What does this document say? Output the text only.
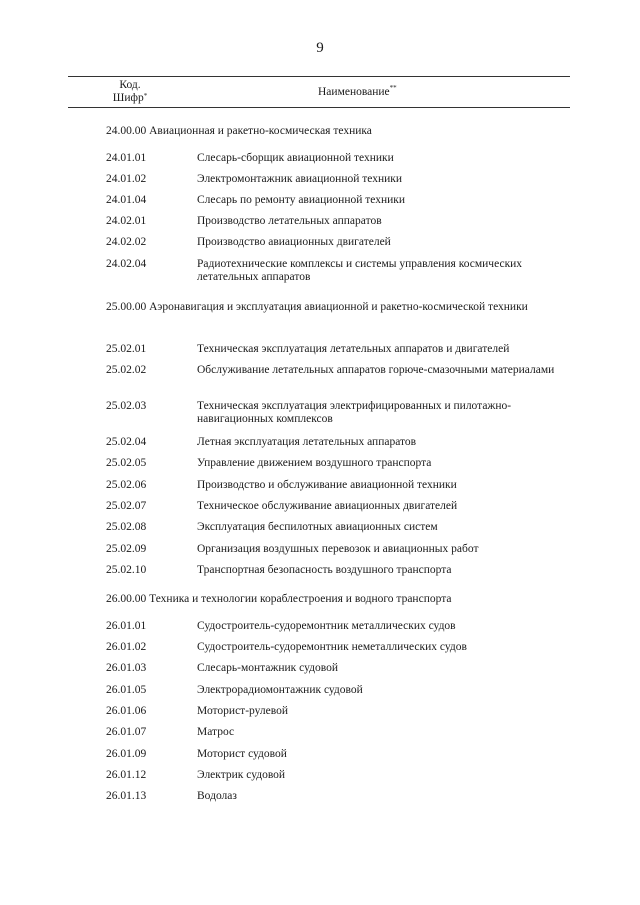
9
Код.
Шифр*	Наименование**
24.00.00 Авиационная и ракетно-космическая техника
24.01.01	Слесарь-сборщик авиационной техники
24.01.02	Электромонтажник авиационной техники
24.01.04	Слесарь по ремонту авиационной техники
24.02.01	Производство летательных аппаратов
24.02.02	Производство авиационных двигателей
24.02.04	Радиотехнические комплексы и системы управления космических летательных аппаратов
25.00.00 Аэронавигация и эксплуатация авиационной и ракетно-космической техники
25.02.01	Техническая эксплуатация летательных аппаратов и двигателей
25.02.02	Обслуживание летательных аппаратов горюче-смазочными материалами
25.02.03	Техническая эксплуатация электрифицированных и пилотажно-навигационных комплексов
25.02.04	Летная эксплуатация летательных аппаратов
25.02.05	Управление движением воздушного транспорта
25.02.06	Производство и обслуживание авиационной техники
25.02.07	Техническое обслуживание авиационных двигателей
25.02.08	Эксплуатация беспилотных авиационных систем
25.02.09	Организация воздушных перевозок и авиационных работ
25.02.10	Транспортная безопасность воздушного транспорта
26.00.00 Техника и технологии кораблестроения и водного транспорта
26.01.01	Судостроитель-судоремонтник металлических судов
26.01.02	Судостроитель-судоремонтник неметаллических судов
26.01.03	Слесарь-монтажник судовой
26.01.05	Электрорадиомонтажник судовой
26.01.06	Моторист-рулевой
26.01.07	Матрос
26.01.09	Моторист судовой
26.01.12	Электрик судовой
26.01.13	Водолаз
